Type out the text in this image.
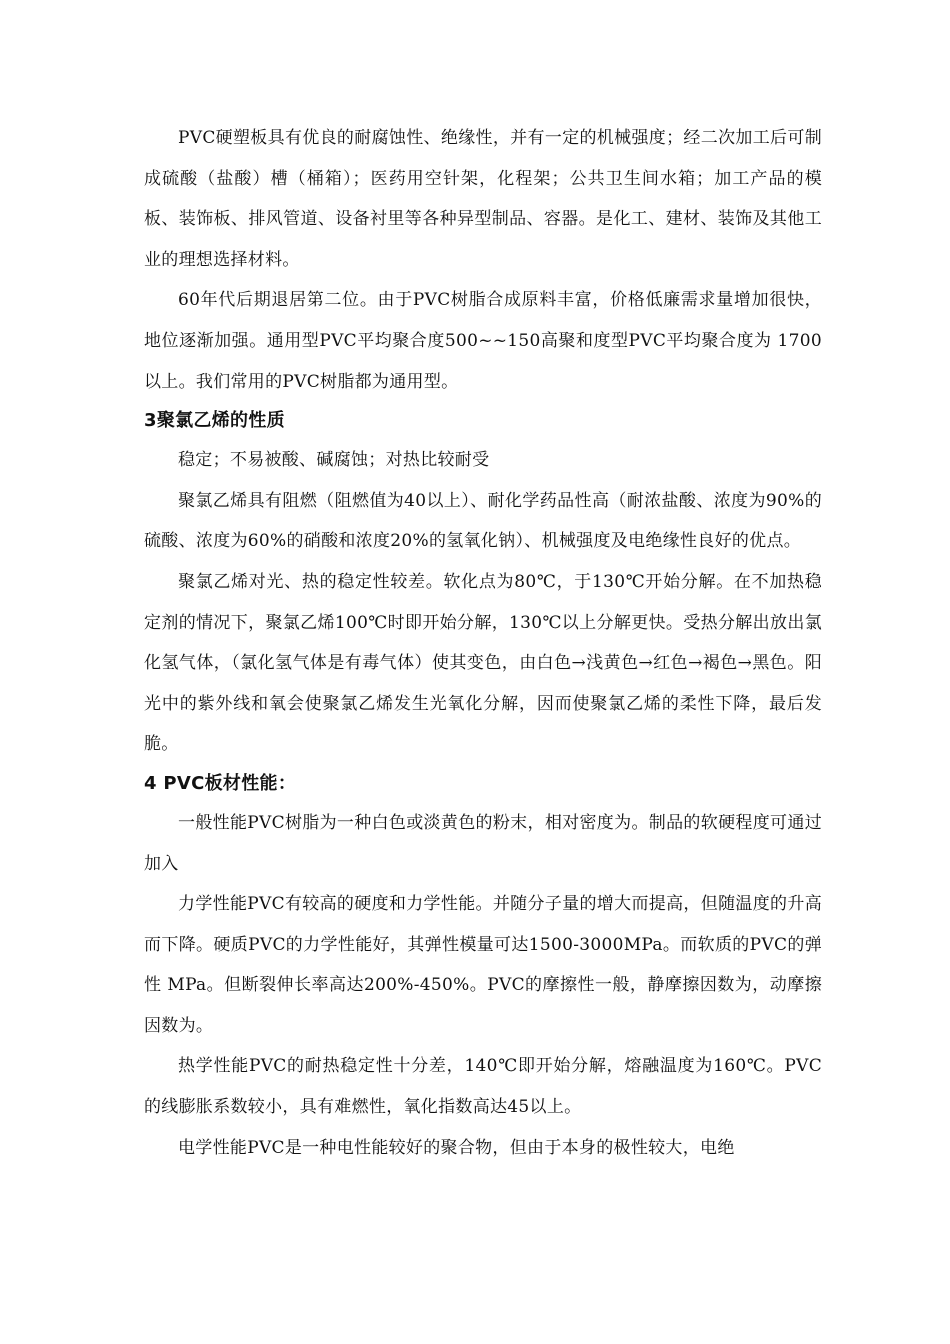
PVC硬塑板具有优良的耐腐蚀性、绝缘性，并有一定的机械强度；经二次加工后可制成硫酸（盐酸）槽（桶箱）；医药用空针架，化程架；公共卫生间水箱；加工产品的模板、装饰板、排风管道、设备衬里等各种异型制品、容器。是化工、建材、装饰及其他工业的理想选择材料。

60年代后期退居第二位。由于PVC树脂合成原料丰富，价格低廉需求量增加很快，地位逐渐加强。通用型PVC平均聚合度500~~150高聚和度型PVC平均聚合度为 1700以上。我们常用的PVC树脂都为通用型。

3聚氯乙烯的性质

稳定；不易被酸、碱腐蚀；对热比较耐受

聚氯乙烯具有阻燃（阻燃值为40以上）、耐化学药品性高（耐浓盐酸、浓度为90%的硫酸、浓度为60%的硝酸和浓度20%的氢氧化钠）、机械强度及电绝缘性良好的优点。

聚氯乙烯对光、热的稳定性较差。软化点为80℃，于130℃开始分解。在不加热稳定剂的情况下，聚氯乙烯100℃时即开始分解，130℃以上分解更快。受热分解出放出氯化氢气体，（氯化氢气体是有毒气体）使其变色，由白色→浅黄色→红色→褐色→黑色。阳光中的紫外线和氧会使聚氯乙烯发生光氧化分解，因而使聚氯乙烯的柔性下降，最后发脆。

4 PVC板材性能：

一般性能PVC树脂为一种白色或淡黄色的粉末，相对密度为。制品的软硬程度可通过加入

力学性能PVC有较高的硬度和力学性能。并随分子量的增大而提高，但随温度的升高而下降。硬质PVC的力学性能好，其弹性模量可达1500-3000MPa。而软质的PVC的弹性 MPa。但断裂伸长率高达200%-450%。PVC的摩擦性一般，静摩擦因数为，动摩擦因数为。

热学性能PVC的耐热稳定性十分差，140℃即开始分解，熔融温度为160℃。PVC的线膨胀系数较小，具有难燃性，氧化指数高达45以上。

电学性能PVC是一种电性能较好的聚合物，但由于本身的极性较大，电绝
